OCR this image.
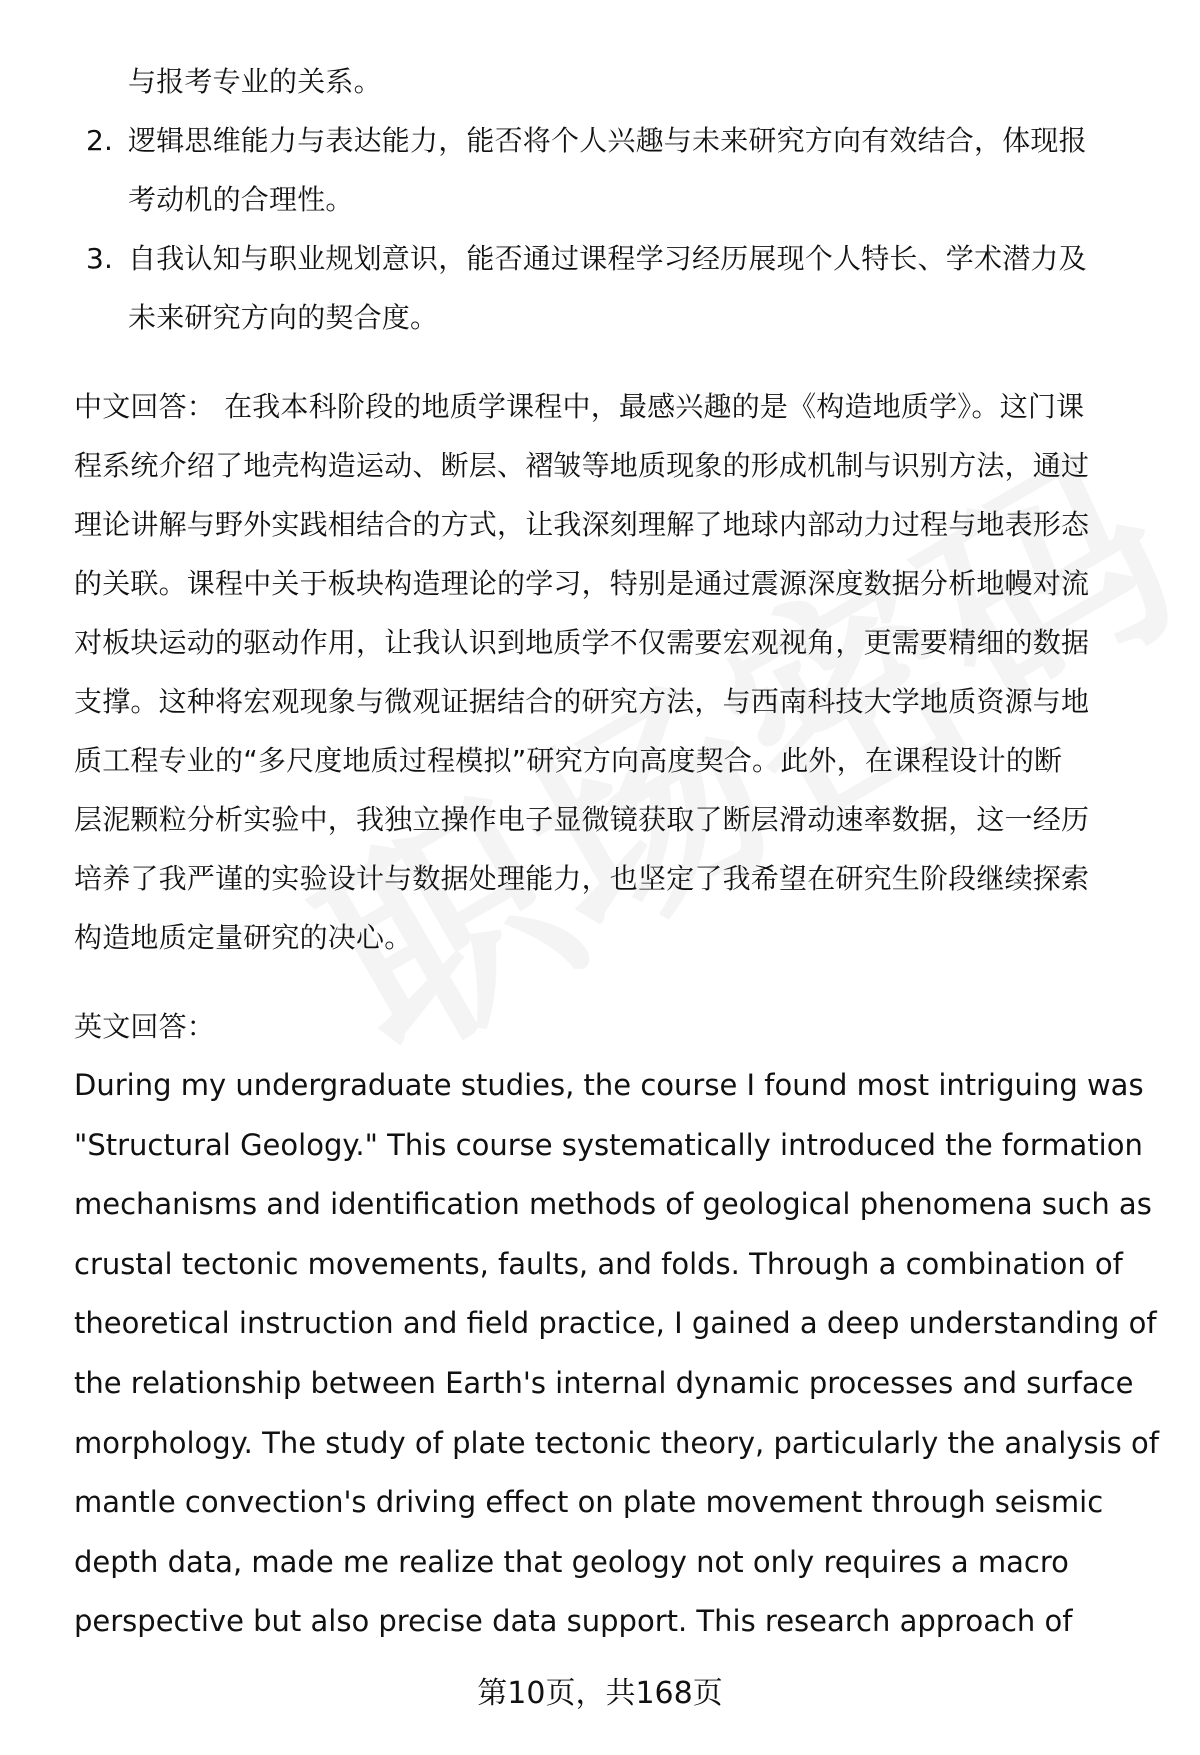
与报考专业的关系。
2. 逻辑思维能力与表达能力，能否将个人兴趣与未来研究方向有效结合，体现报
考动机的合理性。
3. 自我认知与职业规划意识，能否通过课程学习经历展现个人特长、学术潜力及
未来研究方向的契合度。
中文回答： 在我本科阶段的地质学课程中，最感兴趣的是《构造地质学》。这门课
程系统介绍了地壳构造运动、断层、褶皱等地质现象的形成机制与识别方法，通过
理论讲解与野外实践相结合的方式，让我深刻理解了地球内部动力过程与地表形态
的关联。课程中关于板块构造理论的学习，特别是通过震源深度数据分析地幔对流
对板块运动的驱动作用，让我认识到地质学不仅需要宏观视角，更需要精细的数据
支撑。这种将宏观现象与微观证据结合的研究方法，与西南科技大学地质资源与地
质工程专业的“多尺度地质过程模拟”研究方向高度契合。此外，在课程设计的断
层泥颗粒分析实验中，我独立操作电子显微镜获取了断层滑动速率数据，这一经历
培养了我严谨的实验设计与数据处理能力，也坚定了我希望在研究生阶段继续探索
构造地质定量研究的决心。
英文回答：
During my undergraduate studies, the course I found most intriguing was
"Structural Geology." This course systematically introduced the formation
mechanisms and identification methods of geological phenomena such as
crustal tectonic movements, faults, and folds. Through a combination of
theoretical instruction and field practice, I gained a deep understanding of
the relationship between Earth's internal dynamic processes and surface
morphology. The study of plate tectonic theory, particularly the analysis of
mantle convection's driving effect on plate movement through seismic
depth data, made me realize that geology not only requires a macro
perspective but also precise data support. This research approach of
第10页，共168页
